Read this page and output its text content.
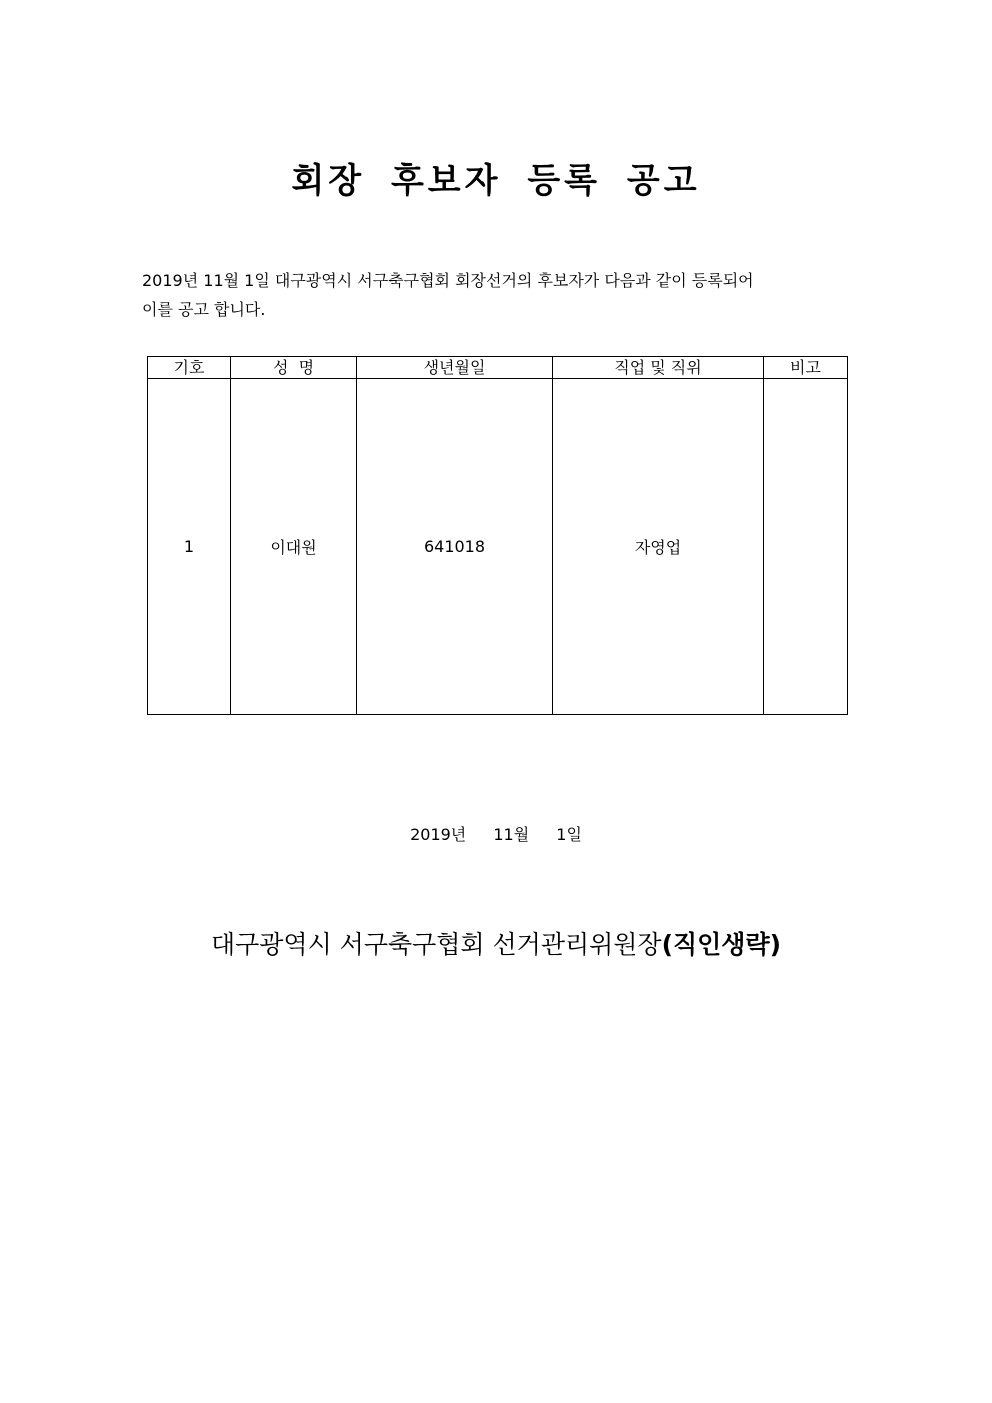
회장 후보자 등록 공고
2019년 11월 1일 대구광역시 서구축구협회 회장선거의 후보자가 다음과 같이 등록되어
이를 공고 합니다.
기호	성  명	생년월일	직업 및 직위	비고
1	이대원	641018	자영업	

2019년 11월 1일

대구광역시 서구축구협회 선거관리위원장(직인생략)
